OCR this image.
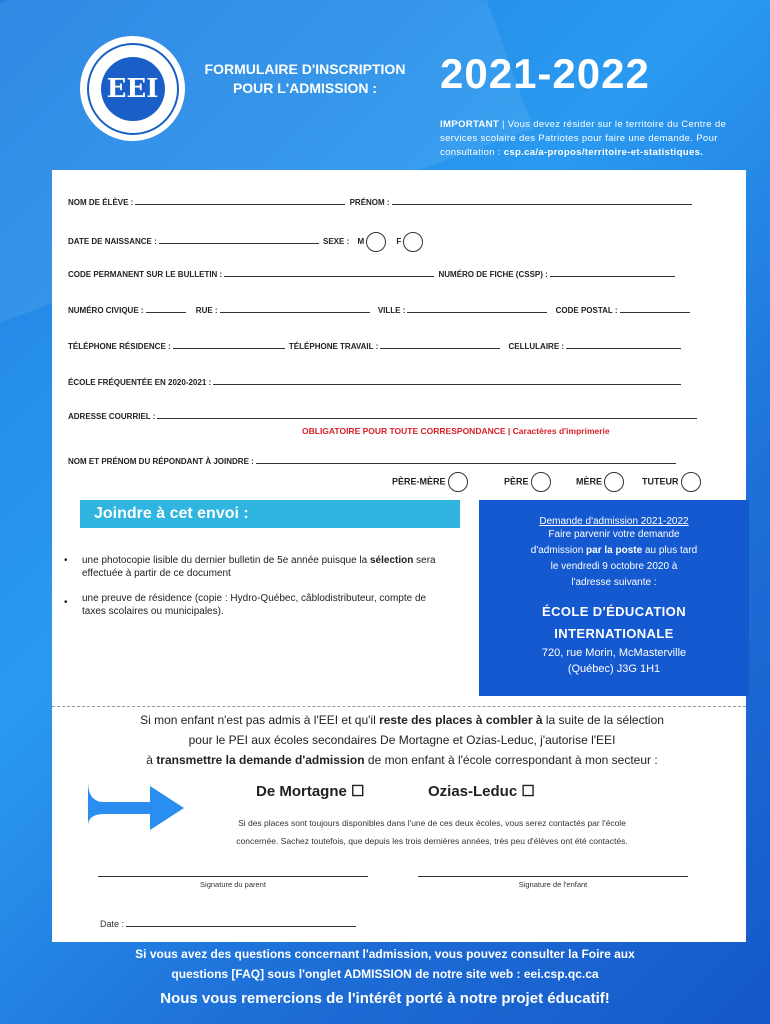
EEI
FORMULAIRE D'INSCRIPTION
POUR L'ADMISSION :	2021-2022
IMPORTANT | Vous devez résider sur le territoire du Centre de services scolaire des Patriotes pour faire une demande. Pour consultation : csp.ca/a-propos/territoire-et-statistiques.
NOM DE ÉLÈVE :	PRÉNOM :
DATE DE NAISSANCE :	SEXE : M	F
CODE PERMANENT SUR LE BULLETIN :	NUMÉRO DE FICHE (CSSP) :
NUMÉRO CIVIQUE :	RUE :	VILLE :	CODE POSTAL :
TÉLÉPHONE RÉSIDENCE :	TÉLÉPHONE TRAVAIL :	CELLULAIRE :
ÉCOLE FRÉQUENTÉE EN 2020-2021 :
ADRESSE COURRIEL :
OBLIGATOIRE POUR TOUTE CORRESPONDANCE | Caractères d'imprimerie
NOM ET PRÉNOM DU RÉPONDANT À JOINDRE :
PÈRE-MÈRE	PÈRE	MÈRE	TUTEUR
Joindre à cet envoi :
• une photocopie lisible du dernier bulletin de 5e année puisque la sélection sera effectuée à partir de ce document
• une preuve de résidence (copie : Hydro-Québec, câblodistributeur, compte de taxes scolaires ou municipales).
Demande d'admission 2021-2022
Faire parvenir votre demande
d'admission par la poste au plus tard
le vendredi 9 octobre 2020 à
l'adresse suivante :
ÉCOLE D'ÉDUCATION
INTERNATIONALE
720, rue Morin, McMasterville
(Québec) J3G 1H1
Si mon enfant n'est pas admis à l'EEI et qu'il reste des places à combler à la suite de la sélection
pour le PEI aux écoles secondaires De Mortagne et Ozias-Leduc, j'autorise l'EEI
à transmettre la demande d'admission de mon enfant à l'école correspondant à mon secteur :
De Mortagne ☐	Ozias-Leduc ☐
Si des places sont toujours disponibles dans l'une de ces deux écoles, vous serez contactés par l'école
concernée. Sachez toutefois, que depuis les trois dernières années, très peu d'élèves ont été contactés.
Signature du parent	Signature de l'enfant
Date :
Si vous avez des questions concernant l'admission, vous pouvez consulter la Foire aux
questions [FAQ] sous l'onglet ADMISSION de notre site web : eei.csp.qc.ca
Nous vous remercions de l'intérêt porté à notre projet éducatif!
